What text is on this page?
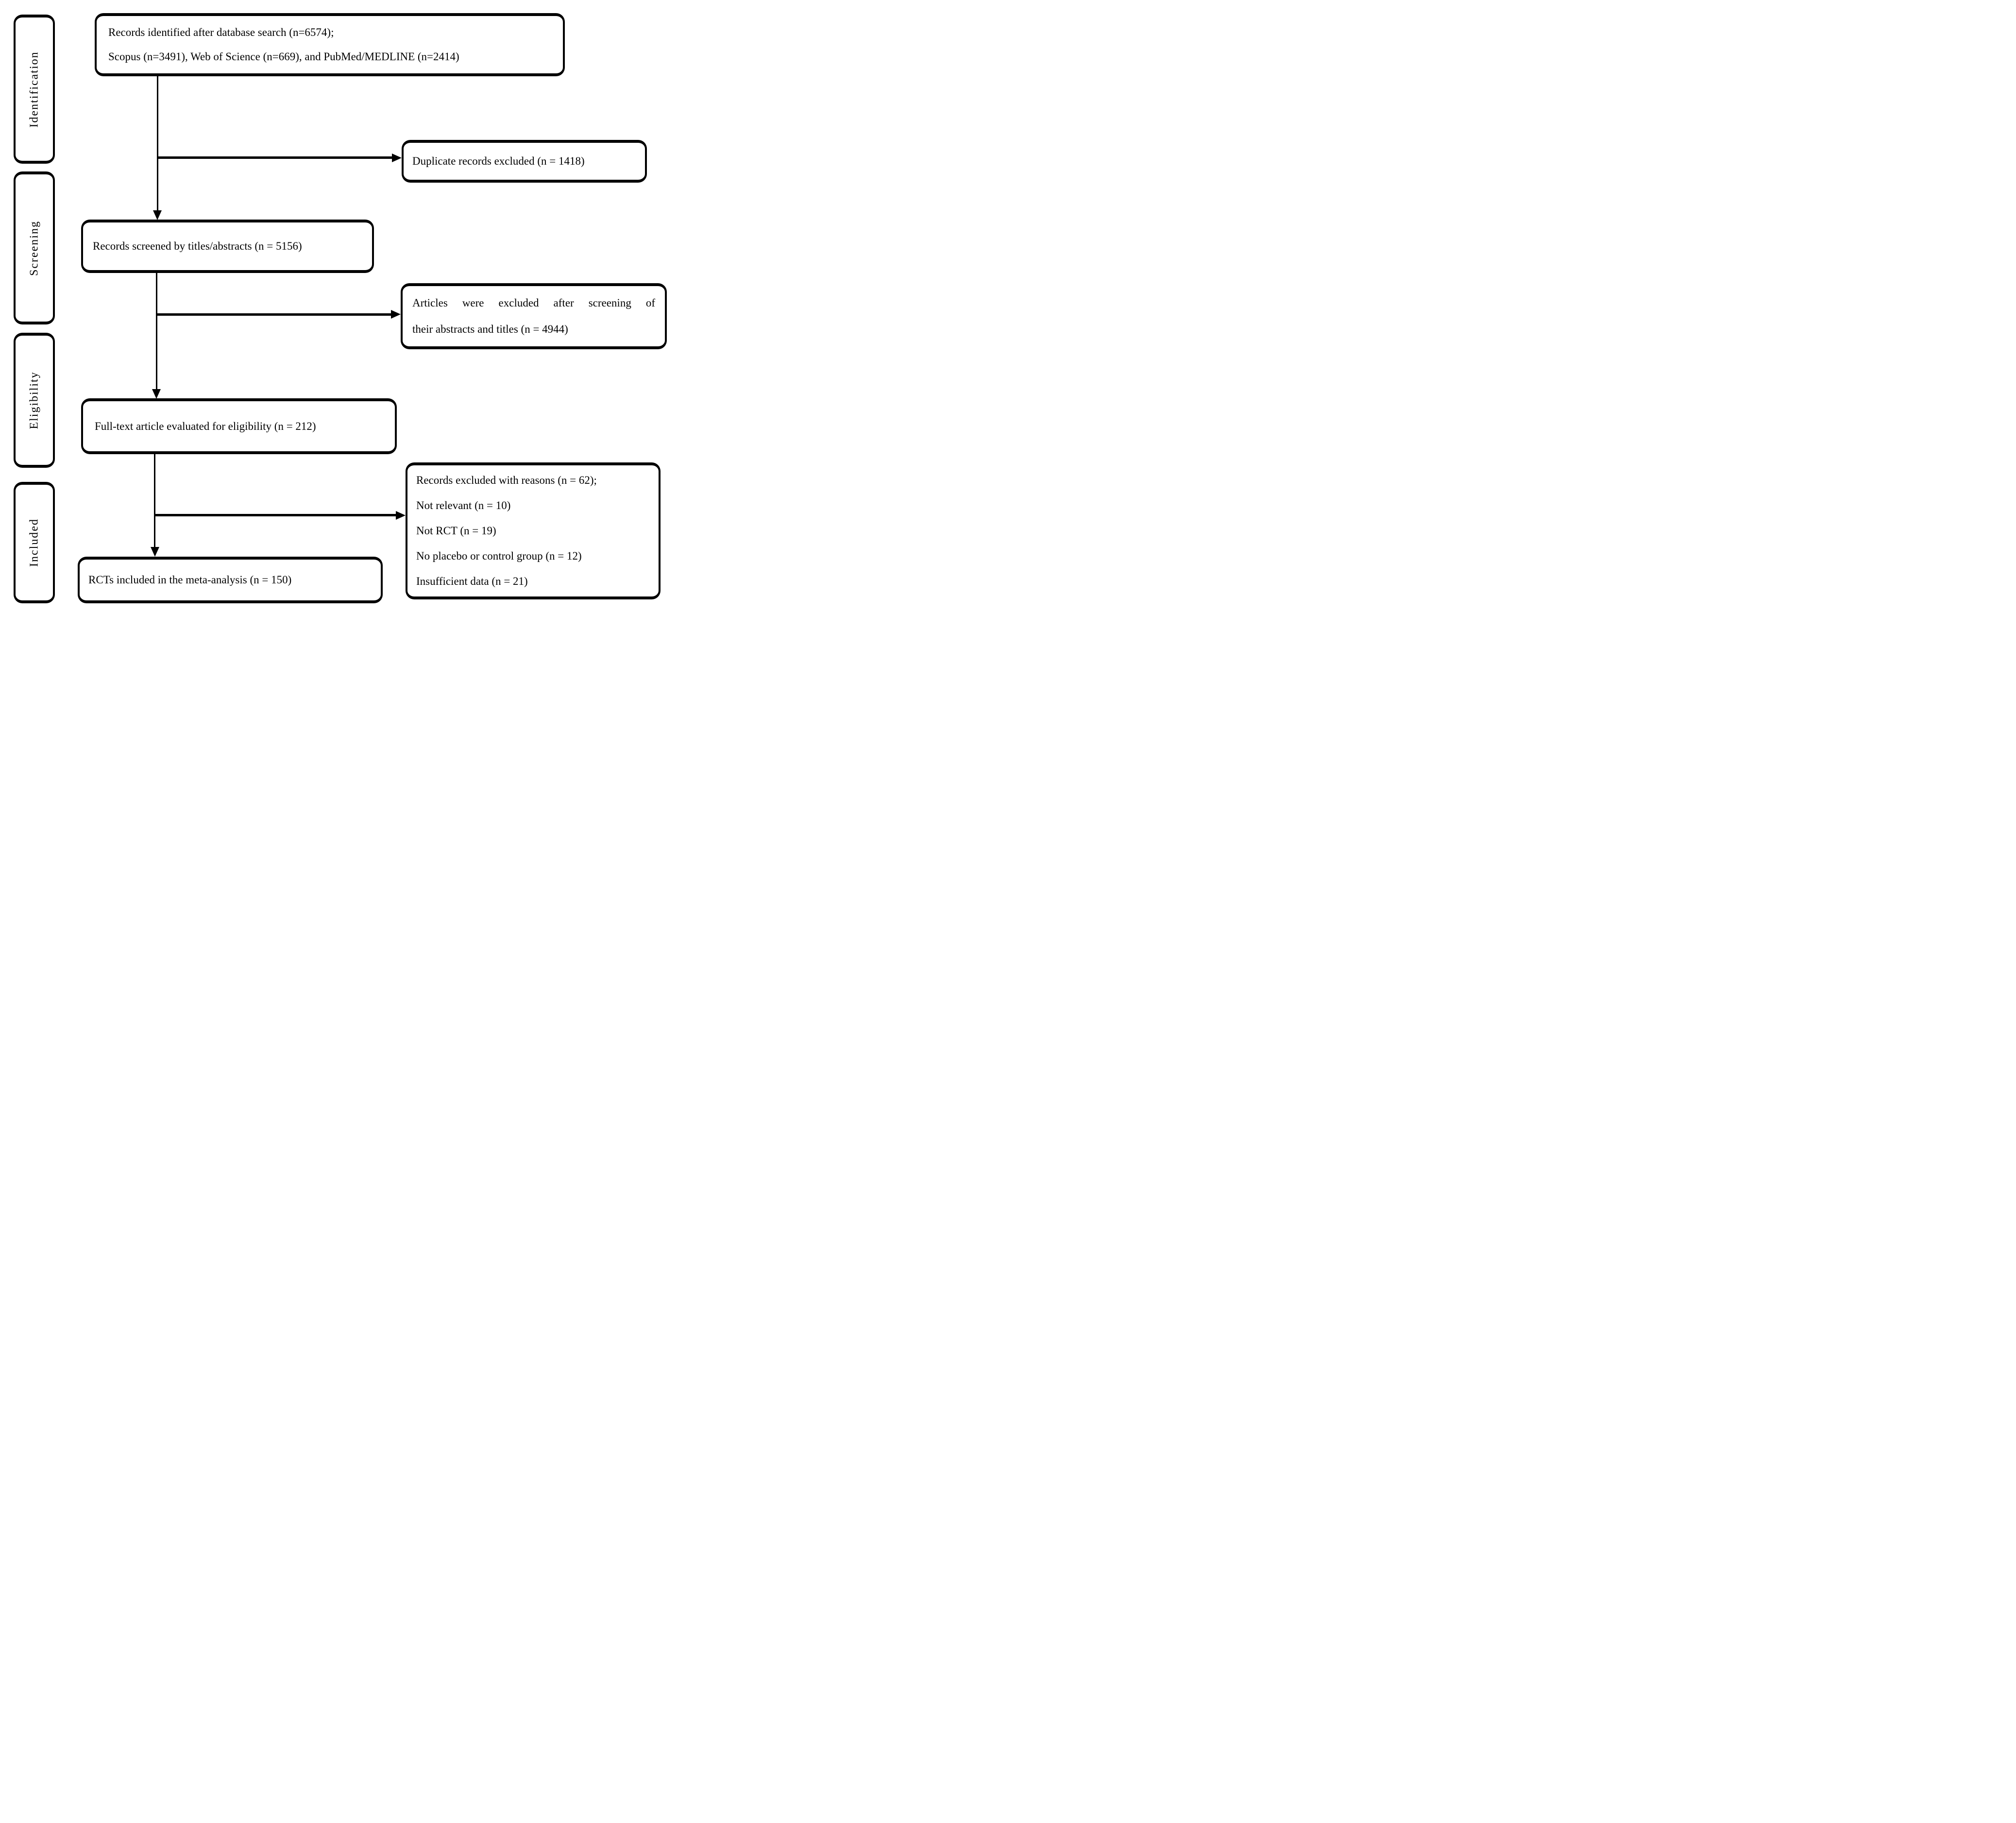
Identification
Screening
Eligibility
Included
Records identified after database search (n=6574);
Scopus (n=3491), Web of Science (n=669), and PubMed/MEDLINE (n=2414)
Duplicate records excluded (n = 1418)
Records screened by titles/abstracts (n = 5156)
Articles were excluded after screening of
their abstracts and titles (n = 4944)
Full-text article evaluated for eligibility (n = 212)
Records excluded with reasons (n = 62);
Not relevant (n = 10)
Not RCT (n = 19)
No placebo or control group (n = 12)
Insufficient data (n = 21)
RCTs included in the meta-analysis (n = 150)
